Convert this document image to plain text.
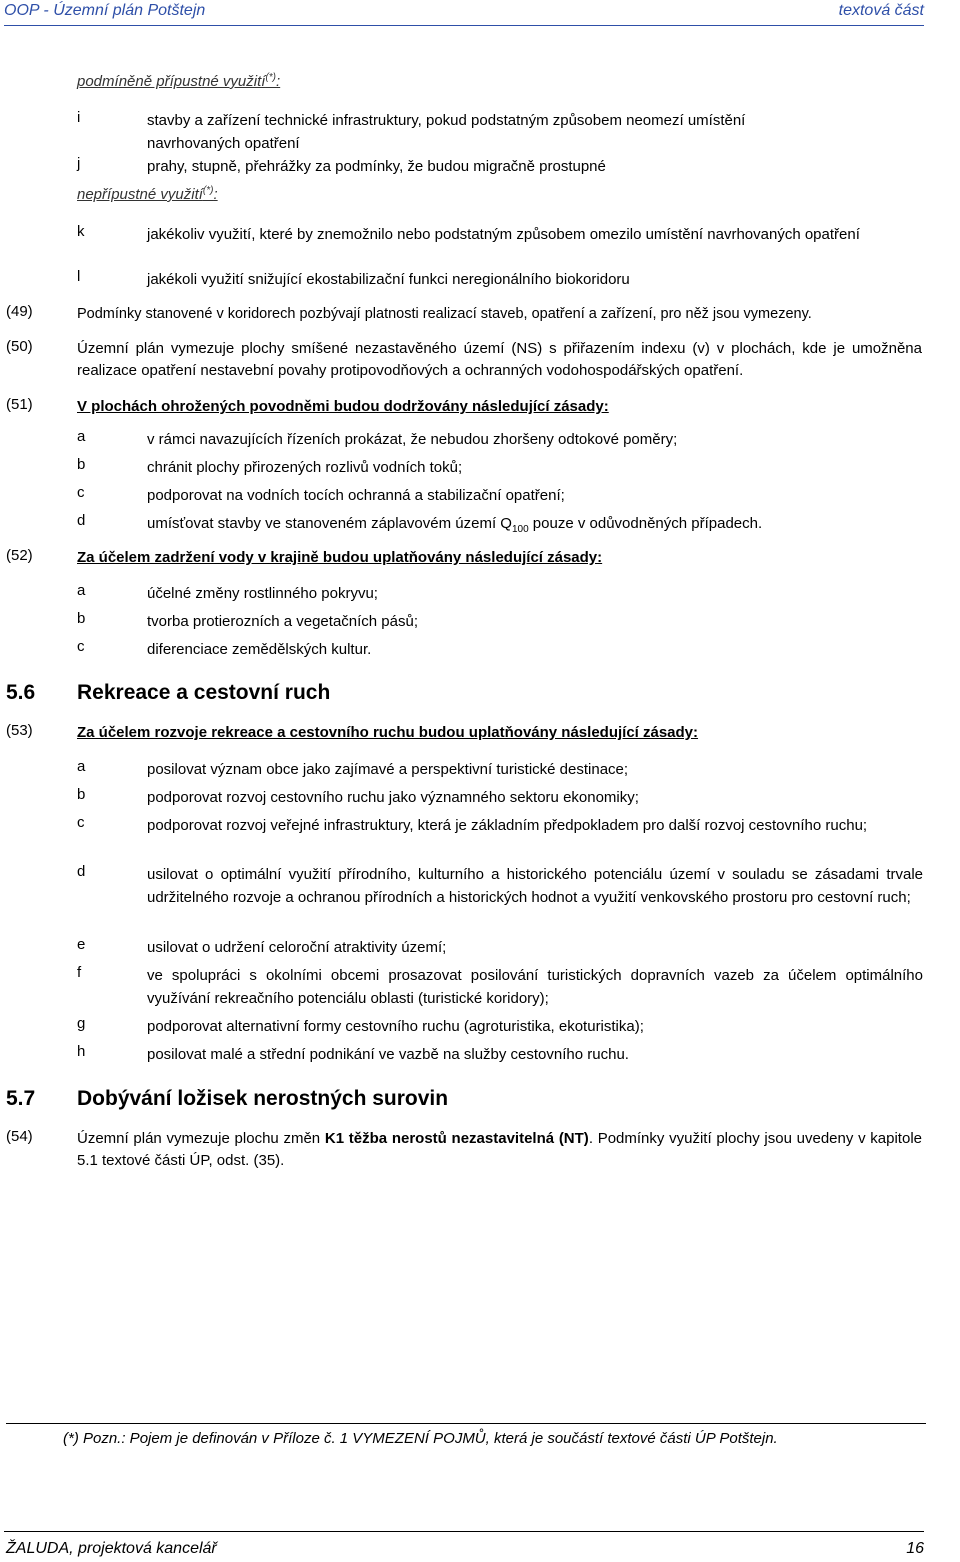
OOP - Územní plán Potštejn	textová část
podmíněně přípustné využití(*):
i	stavby a zařízení technické infrastruktury, pokud podstatným způsobem neomezí umístění navrhovaných opatření
j	prahy, stupně, přehrážky za podmínky, že budou migračně prostupné
nepřípustné využití(*):
k	jakékoliv využití, které by znemožnilo nebo podstatným způsobem omezilo umístění navrhovaných opatření
l	jakékoli využití snižující ekostabilizační funkci neregionálního biokoridoru
(49)	Podmínky stanovené v koridorech pozbývají platnosti realizací staveb, opatření a zařízení, pro něž jsou vymezeny.
(50)	Územní plán vymezuje plochy smíšené nezastavěného území (NS) s přiřazením indexu (v) v plochách, kde je umožněna realizace opatření nestavební povahy protipovodňových a ochranných vodohospodářských opatření.
(51)	V plochách ohrožených povodněmi budou dodržovány následující zásady:
a	v rámci navazujících řízeních prokázat, že nebudou zhoršeny odtokové poměry;
b	chránit plochy přirozených rozlivů vodních toků;
c	podporovat na vodních tocích ochranná a stabilizační opatření;
d	umísťovat stavby ve stanoveném záplavovém území $Q_{100}$ pouze v odůvodněných případech.
(52)	Za účelem zadržení vody v krajině budou uplatňovány následující zásady:
a	účelné změny rostlinného pokryvu;
b	tvorba protierozních a vegetačních pásů;
c	diferenciace zemědělských kultur.
5.6 Rekreace a cestovní ruch
(53)	Za účelem rozvoje rekreace a cestovního ruchu budou uplatňovány následující zásady:
a	posilovat význam obce jako zajímavé a perspektivní turistické destinace;
b	podporovat rozvoj cestovního ruchu jako významného sektoru ekonomiky;
c	podporovat rozvoj veřejné infrastruktury, která je základním předpokladem pro další rozvoj cestovního ruchu;
d	usilovat o optimální využití přírodního, kulturního a historického potenciálu území v souladu se zásadami trvale udržitelného rozvoje a ochranou přírodních a historických hodnot a využití venkovského prostoru pro cestovní ruch;
e	usilovat o udržení celoroční atraktivity území;
f	ve spolupráci s okolními obcemi prosazovat posilování turistických dopravních vazeb za účelem optimálního využívání rekreačního potenciálu oblasti (turistické koridory);
g	podporovat alternativní formy cestovního ruchu (agroturistika, ekoturistika);
h	posilovat malé a střední podnikání ve vazbě na služby cestovního ruchu.
5.7 Dobývání ložisek nerostných surovin
(54)	Územní plán vymezuje plochu změn K1 těžba nerostů nezastavitelná (NT). Podmínky využití plochy jsou uvedeny v kapitole 5.1 textové části ÚP, odst. (35).
(*) Pozn.: Pojem je definován v Příloze č. 1 VYMEZENÍ POJMŮ, která je součástí textové části ÚP Potštejn.
ŽALUDA, projektová kancelář	16
